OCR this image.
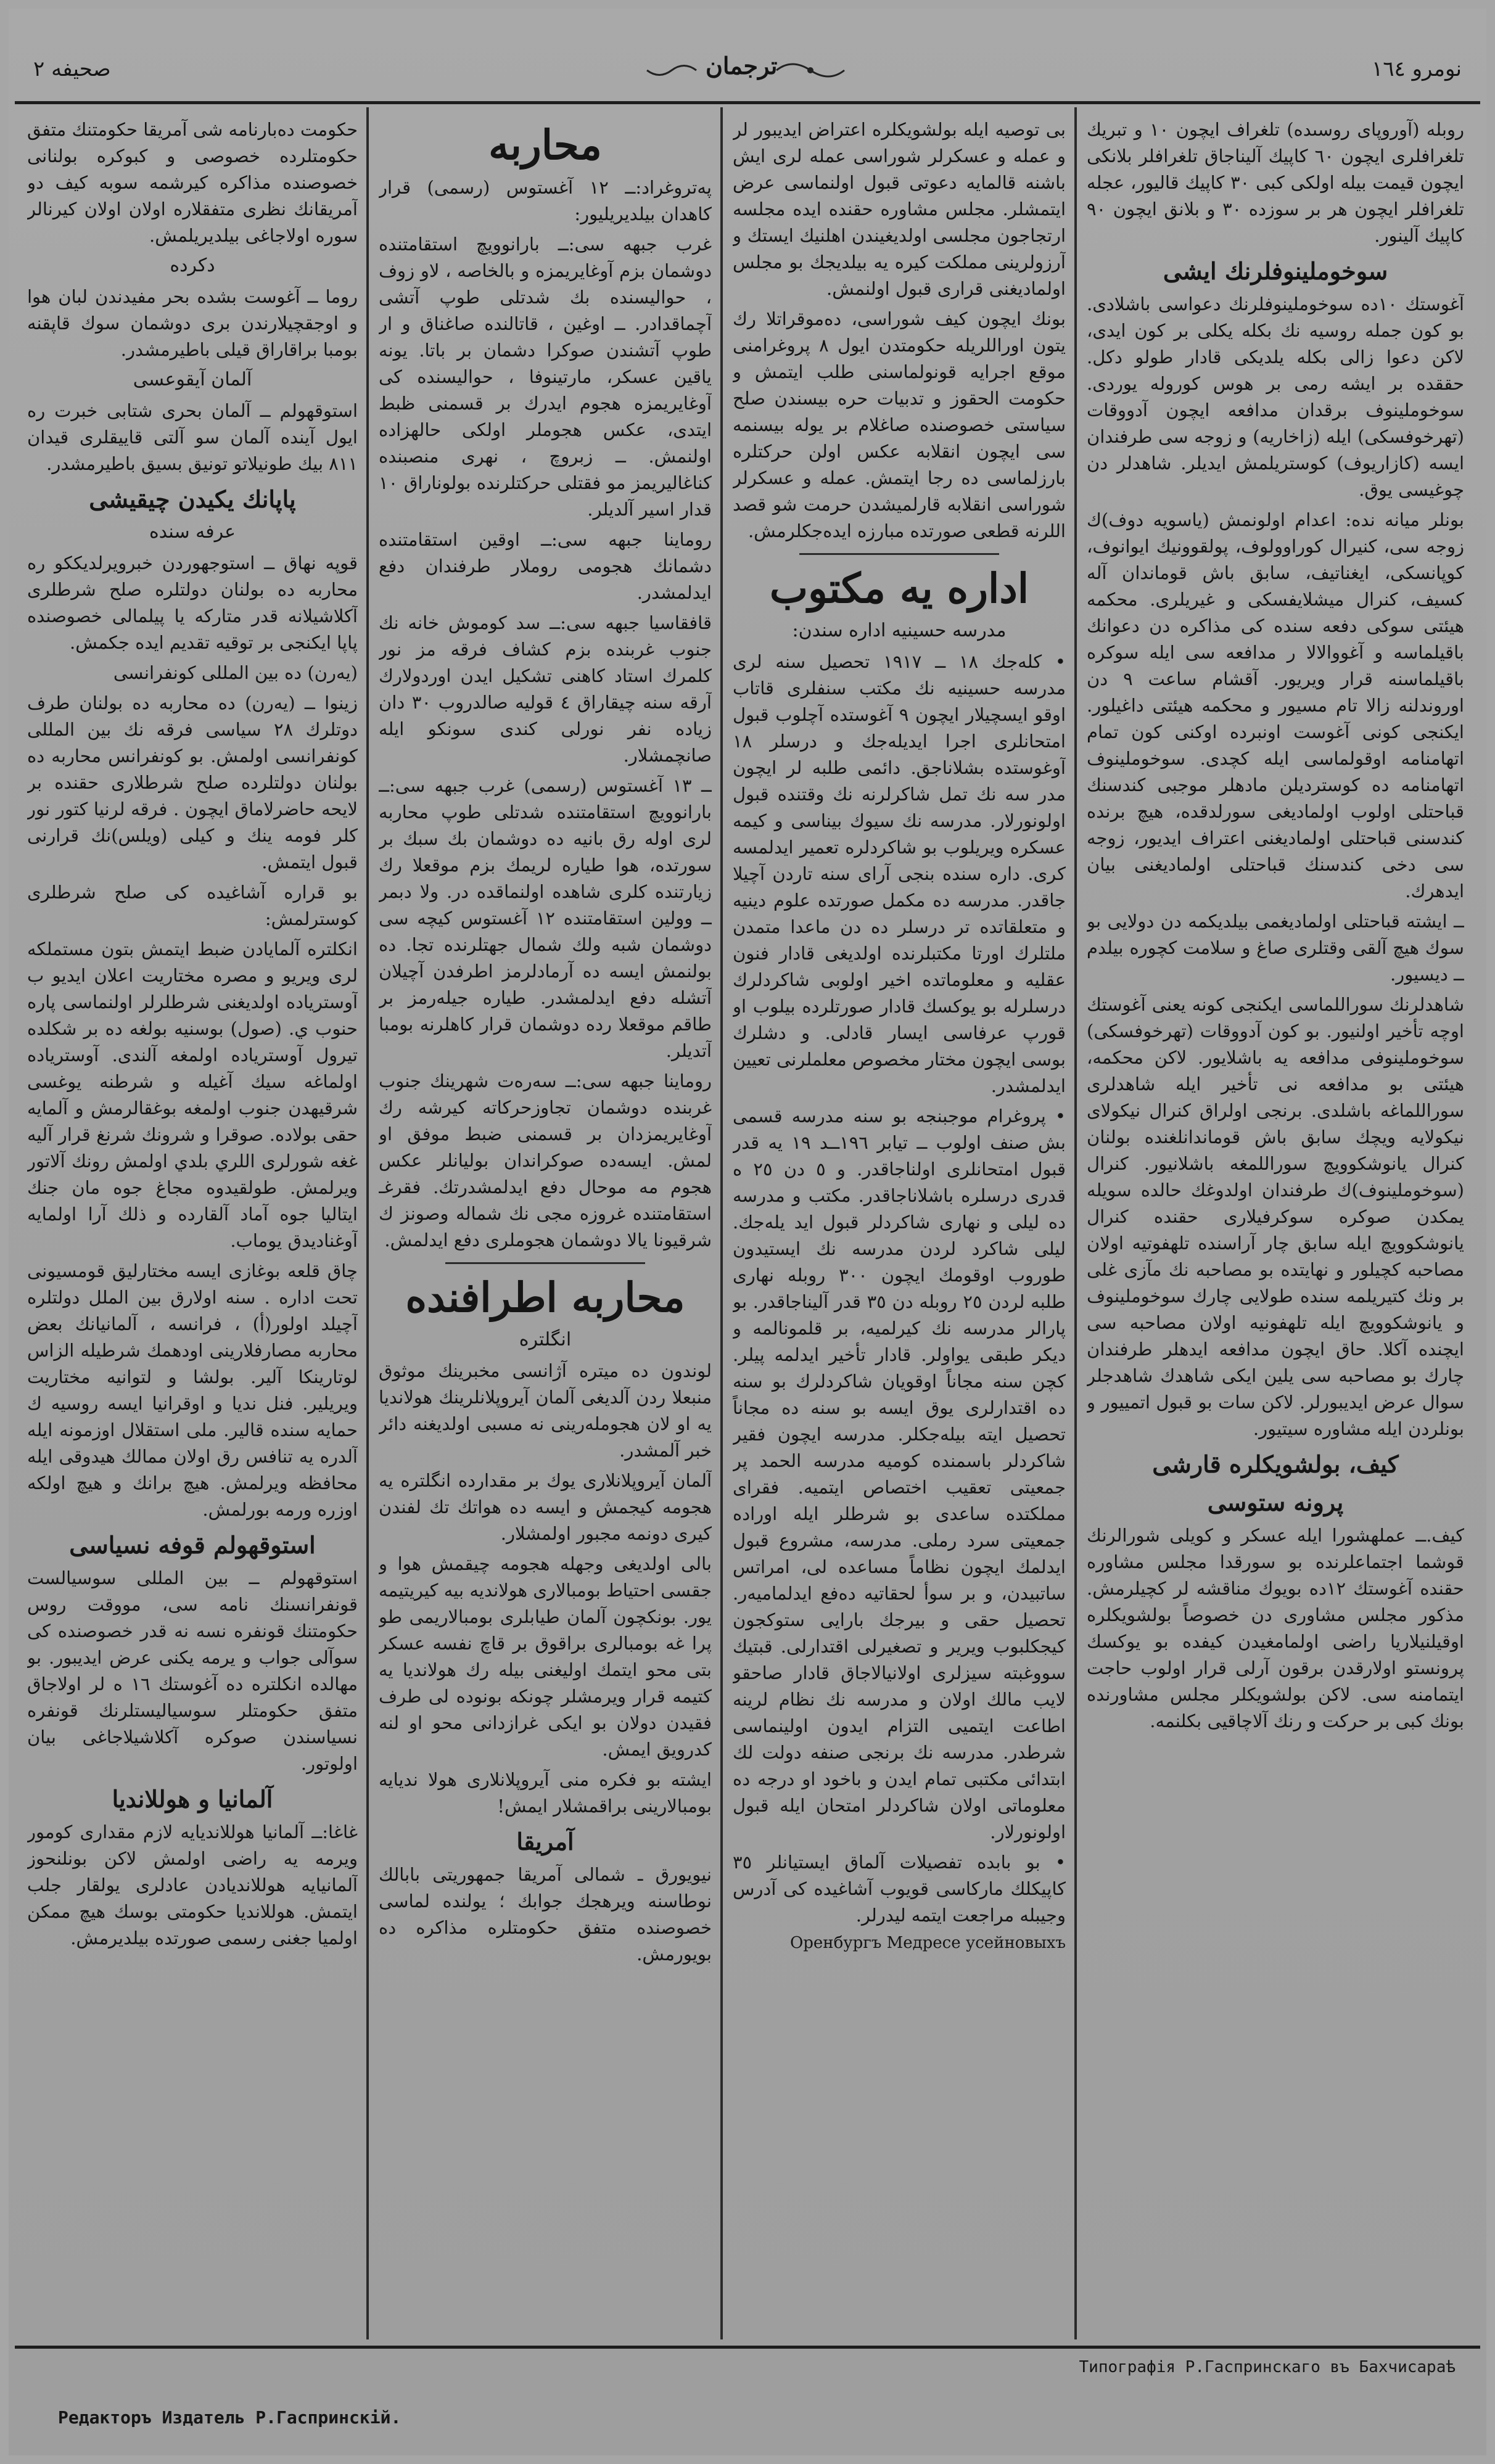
نومرو ١٦٤
ترجمان
صحيفه ٢
روبله (آوروپاى روسىده) تلغراف ايچون ١٠ و تبريك تلغرافلرى ايچون ٦٠ كاپيك آليناجاق تلغرافلر بلانكى ايچون قيمت بيله اولكى كبى ٣٠ كاپيك قاليور، عجله تلغرافلر ايچون هر بر سوزده ٣٠ و بلانق ايچون ٩٠ كاپيك آلينور.
سوخوملينوفلرنك ايشى
آغوستك ١٠ده سوخوملينوفلرنك دعواسى باشلادى. بو كون جمله روسيه نك بكله يكلى بر كون ايدى، لاكن دعوا زالى بكله يلديكى قادار طولو دكل. حققده بر ايشه رمى بر هوس كوروله يوردى. سوخوملينوف برقدان مدافعه ايچون آدووقات (تهرخوفسكى) ايله (زاخاريه) و زوجه سى طرفندان ايسه (كازاريوف) كوستريلمش ايديلر. شاهدلر دن چوغيسى يوق.
بونلر ميانه نده: اعدام اولونمش (ياسويه دوف)ك زوجه سى، كنيرال كوراوولوف، پولقوونيك ايوانوف، كوپانسكى، ايغناتيف، سابق باش قوماندان آله كسيف، كنرال ميشلايفسكى و غيريلرى. محكمه هيئتى سوكى دفعه سنده كى مذاكره دن دعوانك باقيلماسه و آغووالالا ر مدافعه سى ايله سوكره باقيلماسنه قرار ويريور. آقشام ساعت ٩ دن اوروندلنه زالا تام مسيور و محكمه هيئتى داغيلور. ايكنجى كونى آغوست اونبرده اوكنى كون تمام اتهامنامه اوقولماسى ايله كچدى. سوخوملينوف اتهامنامه ده كوسترديلن مادهلر موجبى كندسنك قباحتلى اولوب اولماديغى سورلدقده، هيچ برنده كندسنى قباحتلى اولماديغنى اعتراف ايديور، زوجه سى دخى كندسنك قباحتلى اولماديغنى بيان ايدهرك.
ــ ايشته قباحتلى اولماديغمى بيلديكمه دن دولايى بو سوك هيچ آلقى وقتلرى صاغ و سلامت كچوره بيلدم ــ ديسيور.
شاهدلرنك سوراللماسى ايكنجى كونه يعنى آغوستك اوچه تأخير اولنيور. بو كون آدووقات (تهرخوفسكى) سوخوملينوفى مدافعه يه باشلايور. لاكن محكمه، هيئتى بو مدافعه نى تأخير ايله شاهدلرى سوراللماغه باشلدى. برنجى اولراق كنرال نيكولاى نيكولايه ويچك سابق باش قوماندانلغنده بولنان كنرال يانوشكوويچ سوراللمغه باشلانيور. كنرال (سوخوملينوف)ك طرفندان اولدوغك حالده سويله يمكدن صوكره سوكرفيلارى حقنده كنرال يانوشكوويچ ايله سابق چار آراسنده تلهفوتيه اولان مصاحبه كچيلور و نهايتده بو مصاحبه نك مآزى غلى بر ونك كتيريلمه سنده طولايى چارك سوخوملينوف و يانوشكوويچ ايله تلهفونيه اولان مصاحبه سى ايچنده آكلا. حاق ايچون مدافعه ايدهلر طرفندان چارك بو مصاحبه سى يلين ايكى شاهدك شاهدجلر سوال عرض ايديبورلر. لاكن سات بو قبول اتمييور و بونلردن ايله مشاوره سيتيور.
كيف، بولشويكلره قارشى
پرونه ستوسى
كيف.ــ عملهشورا ايله عسكر و كويلى شورالرنك قوشما اجتماعلرنده بو سورقدا مجلس مشاوره حقنده آغوستك ١٢ده بويوك مناقشه لر كچيلرمش. مذكور مجلس مشاورى دن خصوصاً بولشويكلره اوقيلنيلاريا راضى اولمامغيدن كيفده بو يوكسك پرونستو اولارقدن برقون آرلى قرار اولوب حاجت ايتمامنه سى. لاكن بولشويكلر مجلس مشاورنده بونك كبى بر حركت و رنك آلاچاقيى بكلنمه.
بى توصيه ايله بولشويكلره اعتراض ايديبور لر و عمله و عسكرلر شوراسى عمله لرى ايش باشنه قالمايه دعوتى قبول اولنماسى عرض ايتمشلر. مجلس مشاوره حقنده ايده مجلسه ارتجاجون مجلسى اولديغيندن اهلنيك ايستك و آرزولرينى مملكت كيره يه بيلديجك بو مجلس اولماديغنى قرارى قبول اولنمش.
بونك ايچون كيف شوراسى، دەموقراتلا رك يتون اوراللريله حكومتدن ايول ٨ پروغرامنى موقع اجرايه قونولماسنى طلب ايتمش و حكومت الحقوز و تدبيات حره بيسندن صلح سياستى خصوصنده صاغلام بر يوله بيسنمه سى ايچون انقلابه عكس اولن حركتلره بارزلماسى ده رجا ايتمش. عمله و عسكرلر شوراسى انقلابه قارلميشدن حرمت شو قصد اللرنه قطعى صورتده مبارزه ايدەجكلرمش.
اداره يه مكتوب
مدرسه حسينيه اداره سندن:
• كلەجك ١٨ ــ ١٩١٧ تحصيل سنه لرى مدرسه حسينيه نك مكتب سنفلرى قاتاب اوقو ايسچيلار ايچون ٩ آغوستده آچلوب قبول امتحانلرى اجرا ايديلەجك و درسلر ١٨ آوغوستده بشلاناجق. دائمى طلبه لر ايچون مدر سه نك تمل شاكرلرنه نك وقتنده قبول اولونورلار. مدرسه نك سيوك بيناسى و كيمه عسكره ويريلوب بو شاكردلره تعمير ايدلمسه كرى. داره سنده بنجى آراى سنه تاردن آچيلا جاقدر. مدرسه ده مكمل صورتده علوم دينيه و متعلقاتده تر درسلر ده دن ماعدا متمدن ملتلرك اورتا مكتبلرنده اولديغى قادار فنون عقليه و معلوماتده اخير اولوبى شاكردلرك درسلرله بو يوكسك قادار صورتلرده بيلوب او قورپ عرفاسى ايسار قادلى. و دشلرك بوسى ايچون مختار مخصوص معلملرنى تعيين ايدلمشدر.
• پروغرام موجبنجه بو سنه مدرسه قسمى بش صنف اولوب ــ تيابر ١٩٦ــد ١٩ يه قدر قبول امتحانلرى اولناجاقدر. و ٥ دن ٢٥ ه قدرى درسلره باشلاناجاقدر. مكتب و مدرسه ده ليلى و نهارى شاكردلر قبول ايد يلەجك. ليلى شاكرد لردن مدرسه نك ايستيدون طوروب اوقومك ايچون ٣٠٠ روبله نهارى طلبه لردن ٢٥ روبله دن ٣٥ قدر آليناجاقدر. بو پارالر مدرسه نك كيرلميه، بر قلمونالمه و ديكر طبقى يواولر. قادار تأخير ايدلمه پيلر. كچن سنه مجاناً اوقويان شاكردلرك بو سنه ده اقتدارلرى يوق ايسه بو سنه ده مجاناً تحصيل ايته بيلەجكلر. مدرسه ايچون فقير شاكردلر باسمنده كوميه مدرسه الحمد پر جمعيتى تعقيب اختصاص ايتميه. فقراى مملكتده ساعدى بو شرطلر ايله اوراده جمعيتى سرد رملى. مدرسه، مشروع قبول ايدلمك ايچون نظاماً مساعده لى، امراتس ساتبيدن، و بر سوأ لحقاتيه دەفع ايدلماميەر. تحصيل حقى و بيرجك بارايى ستوكجون كيجكلبوب ويرير و تصغيرلى اقتدارلى. قبتيك سووغبته سيزلرى اولانيالاجاق قادار صاحقو لايب مالك اولان و مدرسه نك نظام لرينه اطاعت ايتميى التزام ايدون اولينماسى شرطدر. مدرسه نك برنجى صنفه دولت لك ابتدائى مكتبى تمام ايدن و باخود او درجه ده معلوماتى اولان شاكردلر امتحان ايله قبول اولونورلار.
• بو بابده تفصيلات آلماق ايستيانلر ٣٥ كاپيكلك ماركاسى قويوب آشاغيده كى آدرس وجيبله مراجعت ايتمه ليدرلر.
Оренбургъ Медресе усейновыхъ
محاربه
پەتروغراد:ــ ١٢ آغستوس (رسمى) قرار كاهدان بيلديريليور:
غرب جبهه سى:ــ بارانوويچ استقامتنده دوشمان بزم آوغايريمزه و بالخاصه ، لاو زوف ، حواليسنده بك شدتلى طوپ آتشى آچماقدادر. ــ اوغين ، قاتالنده صاغناق و ار طوپ آتشندن صوكرا دشمان بر باتا. يونه ياقين عسكر، مارتينوفا ، حواليسنده كى آوغايريمزه هجوم ايدرك بر قسمنى ظبط ايتدى، عكس هجوملر اولكى حالهزاده اولنمش. ــ زبروچ ، نهرى منصبنده كناغاليريمز مو فقتلى حركتلرنده بولوناراق ١٠ قدار اسير آلديلر.
روماينا جبهه سى:ــ اوقين استقامتنده دشمانك هجومى روملار طرفندان دفع ايدلمشدر.
قافقاسيا جبهه سى:ــ سد كوموش خانه نك جنوب غربنده بزم كشاف فرقه مز نور كلمرك استاد كاهنى تشكيل ايدن اوردولارك آرقه سنه چيقاراق ٤ قوليه صالدروب ٣٠ دان زياده نفر نورلى كندى سونكو ايله صانچمشلار.
ــ ١٣ آغستوس (رسمى) غرب جبهه سى:ــ بارانوويچ استقامتنده شدتلى طوپ محاربه لرى اوله رق بانيه ده دوشمان بك سبك بر سورتده، هوا طياره لريمك بزم موقعلا رك زيارتنده كلرى شاهده اولنماقده در. ولا دبمر ــ وولين استقامتنده ١٢ آغستوس كيچه سى دوشمان شبه ولك شمال جهتلرنده تجا. ده بولنمش ايسه ده آرمادلرمز اطرفدن آچيلان آتشله دفع ايدلمشدر. طياره جيلەرمز بر طاقم موقعلا رده دوشمان قرار كاهلرنه بومبا آتديلر.
روماينا جبهه سى:ــ سەرەت شهرينك جنوب غربنده دوشمان تجاوزحركاته كيرشه رك آوغايريمزدان بر قسمنى ضبط موفق او لمش. ايسەده صوكراندان بوليانلر عكس هجوم مه موحال دفع ايدلمشدرتك. فقرغـ استقامتنده غروزه مجى نك شماله وصونز ك شرقيونا يالا دوشمان هجوملرى دفع ايدلمش.
محاربه اطرافنده
انگلتره
لوندون ده ميتره آژانسى مخبرينك موثوق منبعلا ردن آلديغى آلمان آيروپلانلرينك هولانديا يه او لان هجوملەرينى نه مسبى اولديغنه دائر خبر آلمشدر.
آلمان آيروپلانلارى يوك بر مقدارده انگلتره يه هجومه كيجمش و ايسه ده هواتك تك لفندن كيرى دونمه مجبور اولمشلار.
بالى اولديغى وجهله هجومه چيقمش هوا و جقسى احتياط بومبالارى هولانديه بيه كيريتيمه يور. بونكچون آلمان طيابلرى بومبالاريمى طو پرا غه بومبالرى براقوق بر قاچ نفسه عسكر بتى محو ايتمك اوليغنى بيله رك هولانديا يه كتيمه قرار ويرمشلر چونكه بونوده لى طرف فقيدن دولان بو ايكى غرازدانى محو او لنه كدرويق ايمش.
ايشته بو فكره منى آيروپلانلارى هولا نديايه بومبالارينى براقمشلار ايمش!
آمريقا
نيويورق ـ شمالى آمريقا جمهوريتى بابالك نوطاسنه ويرهجك جوابك ؛ يولنده لماسى خصوصنده متفق حكومتلره مذاكره ده بويورمش.
حكومت دەبارنامه شى آمريقا حكومتنك متفق حكومتلرده خصوصى و كبوكره بولنانى خصوصنده مذاكره كيرشمه سوبه كيف دو آمريقانك نظرى متفقلاره اولان اولان كيرنالر سوره اولاجاغى بيلديريلمش.
دكرده
روما ــ آغوست بشده بحر مفيدندن لبان هوا و اوجقچيلارندن برى دوشمان سوك قاپقنه بومبا براقاراق قيلى باطيرمشدر.
آلمان آيقوعسى
استوقهولم ــ آلمان بحرى شتابى خبرت ره ايول آينده آلمان سو آلتى قاييقلرى قيدان ٨١١ بيك طونيلاتو تونيق بسيق باطيرمشدر.
پاپانك يكيدن چيقيشى
عرفه سنده
قوپه نهاق ــ استوجهوردن خبرويرلديككو ره محاربه ده بولنان دولتلره صلح شرطلرى آكلاشيلانه قدر متاركه يا پيلمالى خصوصنده پاپا ايكنجى بر توقيه تقديم ايده جكمش.
(يەرن) ده بين المللى كونفرانسى
زينوا ــ (يەرن) ده محاربه ده بولنان طرف دوتلرك ٢٨ سياسى فرقه نك بين المللى كونفرانسى اولمش. بو كونفرانس محاربه ده بولنان دولتلرده صلح شرطلارى حقنده بر لايحه حاضرلاماق ايچون . فرقه لرنيا كتور نور كلر فومه ينك و كيلى (ويلس)نك قرارنى قبول ايتمش.
بو قراره آشاغيده كى صلح شرطلرى كوسترلمش:
انكلتره آلمايادن ضبط ايتمش بتون مستملكه لرى ويريو و مصره مختاريت اعلان ايديو ب آوسترياده اولديغنى شرطلرلر اولنماسى پاره حنوب ي. (صول) بوسنيه بولغه ده بر شكلده تيرول آوسترياده اولمغه آلندى. آوسترياده اولماغه سيك آغيله و شرطنه يوغسى شرقيهدن جنوب اولمغه بوغقالرمش و آلمايه حقى بولاده. صوقرا و شرونك شرنغ قرار آليه غغه شورلرى اللري بلدي اولمش رونك آلاتور ويرلمش. طولقيدوه مجاغ جوه مان جنك ايتاليا جوه آماد آلقارده و ذلك آرا اولمايه آوغناديدق يوماب.
چاق قلعه بوغازى ايسه مختارليق قومسيونى تحت اداره . سنه اولارق بين الملل دولتلره آچيلد اولور(أ) ، فرانسه ، آلمانيانك بعض محاربه مصارفلارينى اودهمك شرطيله الزاس لوتارينكا آلير. بولشا و لتوانيه مختاريت ويريلير. فنل نديا و اوقرانيا ايسه روسيه ك حمايه سنده قالير. ملى استقلال اوزمونه ايله آلدره يه تنافس رق اولان ممالك هيدوقى ايله محافظه ويرلمش. هيچ برانك و هيچ اولكه اوزره ورمه بورلمش.
استوقهولم قوفه نسیاسى
استوقهولم ــ بين المللى سوسيالست قونفرانسنك نامه سى، مووقت روس حكومتنك قونفره نسه نه قدر خصوصنده كى سوآلى جواب و يرمه يكنى عرض ايديبور. بو مهالده انكلتره ده آغوستك ١٦ ه لر اولاجاق متفق حكومتلر سوسياليستلرنك قونفره نسياسندن صوكره آكلاشيلاجاغى بيان اولوتور.
آلمانيا و هوللانديا
غاغا:ــ آلمانيا هوللانديايه لازم مقدارى كومور ويرمه يه راضى اولمش لاكن بونلنحوز آلمانيايه هوللانديادن عادلرى يولقار جلب ايتمش. هوللانديا حكومتى بوسك هيچ ممكن اولميا جغنى رسمى صورتده بيلديرمش.
Типографія Р.Гаспринскаго въ Бахчисараѣ
Редакторъ Издатель Р.Гаспринскій.
